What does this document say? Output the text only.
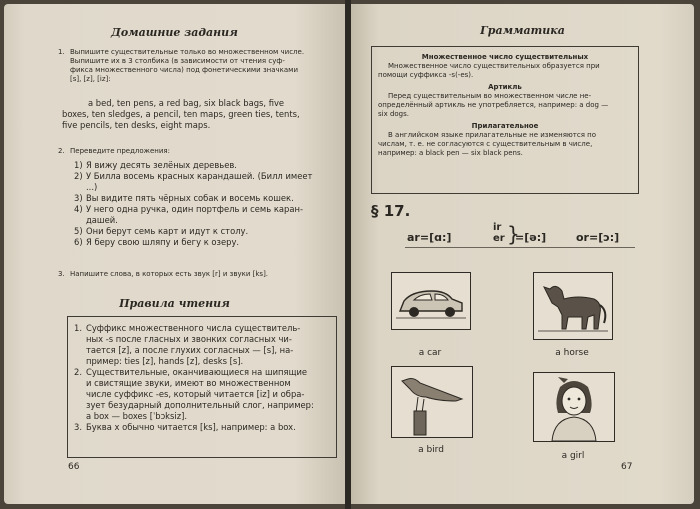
Домашние задания
1. Выпишите существительные только во множественном числе.
Выпишите их в 3 столбика (в зависимости от чтения суф-
фикса множественного числа) под фонетическими значками
[s], [z], [iz]:
a bed, ten pens, a red bag, six black bags, five
boxes, ten sledges, a pencil, ten maps, green ties, tents,
five pencils, ten desks, eight maps.
2. Переведите предложения:
1) Я вижу десять зелёных деревьев.
2) У Билла восемь красных карандашей. (Билл имеет
...)
3) Вы видите пять чёрных собак и восемь кошек.
4) У него одна ручка, один портфель и семь каран-
дашей.
5) Они берут семь карт и идут к столу.
6) Я беру свою шляпу и бегу к озеру.
3. Напишите слова, в которых есть звук [r] и звуки [ks].
Правила чтения
1. Суффикс множественного числа существитель-
ных -s после гласных и звонких согласных чи-
тается [z], а после глухих согласных — [s], на-
пример: ties [z], hands [z], desks [s].
2. Существительные, оканчивающиеся на шипящие
и свистящие звуки, имеют во множественном
числе суффикс -es, который читается [iz] и обра-
зует безударный дополнительный слог, например:
a box — boxes [ˈbɔksiz].
3. Буква x обычно читается [ks], например: a box.
66
Грамматика
Множественное число существительных
Множественное число существительных образуется при
помощи суффикса -s(-es).
Артикль
Перед существительным во множественном числе не-
определённый артикль не употребляется, например: a dog —
six dogs.
Прилагательное
В английском языке прилагательные не изменяются по
числам, т. е. не согласуются с существительным в числе,
например: a black pen — six black pens.
§ 17.
ar=[ɑ:]
ir
er }
=[ə:]	or=[ɔ:]
a car	a horse
a bird
a girl
67
